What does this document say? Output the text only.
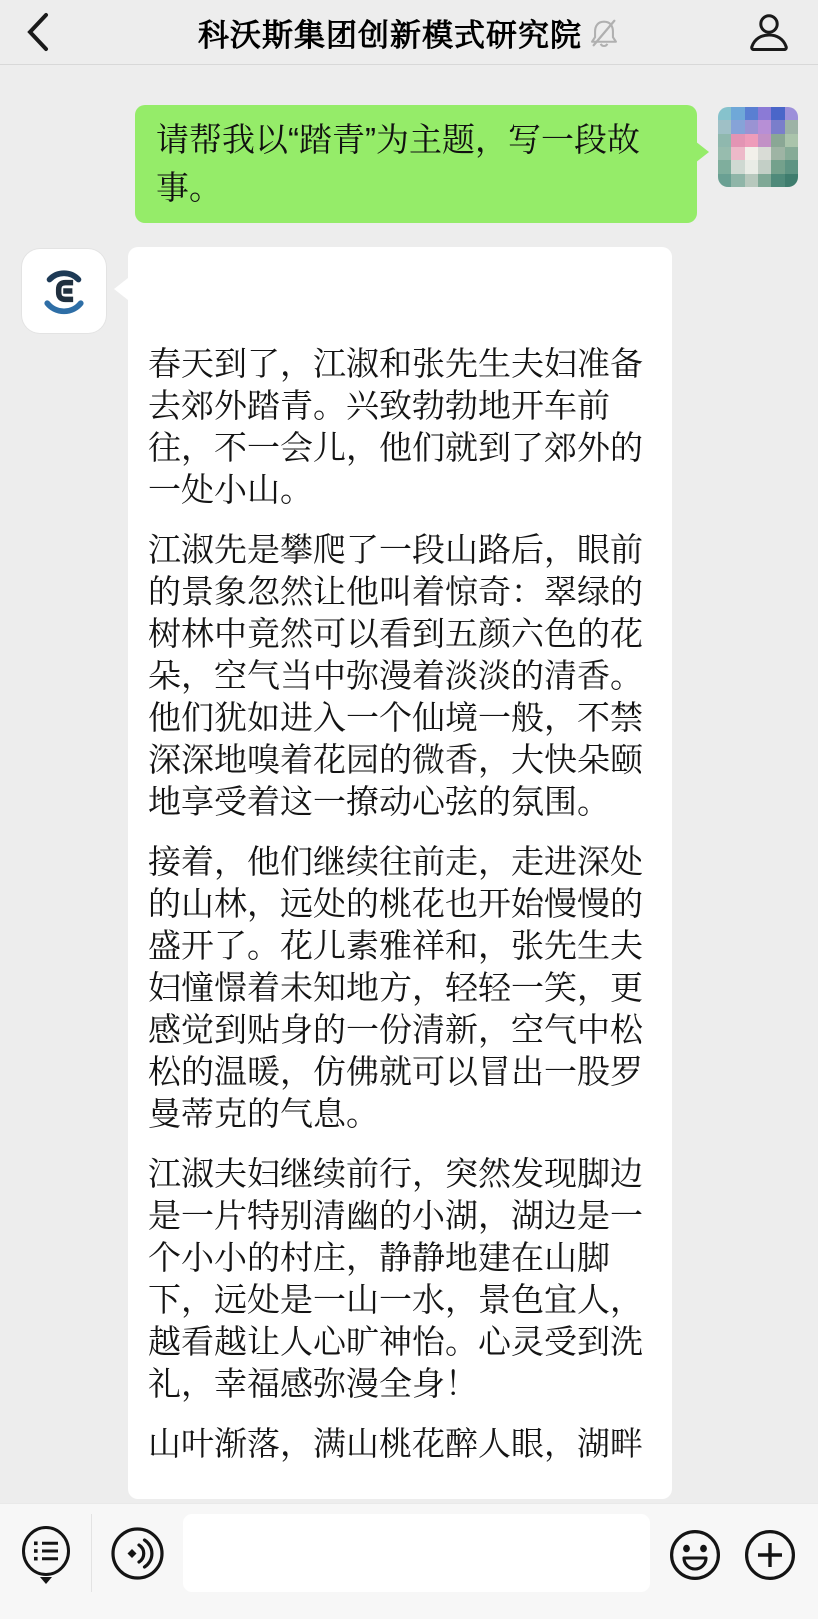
科沃斯集团创新模式研究院
请帮我以“踏青”为主题，写一段故事。

春天到了，江淑和张先生夫妇准备去郊外踏青。兴致勃勃地开车前往，不一会儿，他们就到了郊外的一处小山。

江淑先是攀爬了一段山路后，眼前的景象忽然让他叫着惊奇：翠绿的树林中竟然可以看到五颜六色的花朵，空气当中弥漫着淡淡的清香。他们犹如进入一个仙境一般，不禁深深地嗅着花园的微香，大快朵颐地享受着这一撩动心弦的氛围。

接着，他们继续往前走，走进深处的山林，远处的桃花也开始慢慢的盛开了。花儿素雅祥和，张先生夫妇憧憬着未知地方，轻轻一笑，更感觉到贴身的一份清新，空气中松松的温暖，仿佛就可以冒出一股罗曼蒂克的气息。

江淑夫妇继续前行，突然发现脚边是一片特别清幽的小湖，湖边是一个小小的村庄，静静地建在山脚下，远处是一山一水，景色宜人，越看越让人心旷神怡。心灵受到洗礼，幸福感弥漫全身！

山叶渐落，满山桃花醉人眼，湖畔
